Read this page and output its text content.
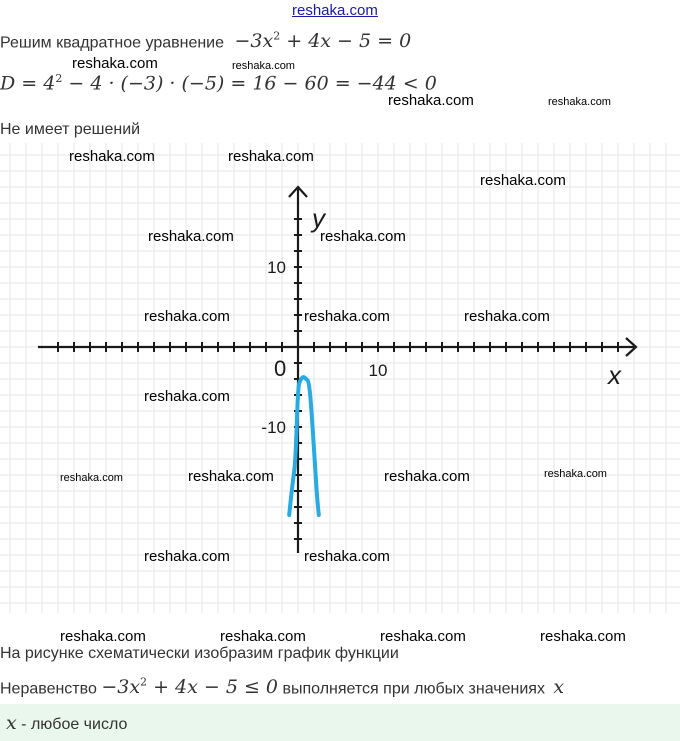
reshaka.com
Решим квадратное уравнение $-3x^2 + 4x - 5 = 0$
$D = 4^2 - 4 \cdot (-3) \cdot (-5) = 16 - 60 = -44 < 0$
Не имеет решений
y
x
0	10
10
-10
На рисунке схематически изобразим график функции
Неравенство $-3x^2 + 4x - 5 \le 0$ выполняется при любых значениях x
x - любое число
reshaka.com	reshaka.com
reshaka.com	reshaka.com
reshaka.com	reshaka.com
reshaka.com
reshaka.com	reshaka.com
reshaka.com	reshaka.com	reshaka.com
reshaka.com
reshaka.com	reshaka.com	reshaka.com	reshaka.com
reshaka.com	reshaka.com
reshaka.com	reshaka.com	reshaka.com	reshaka.com
